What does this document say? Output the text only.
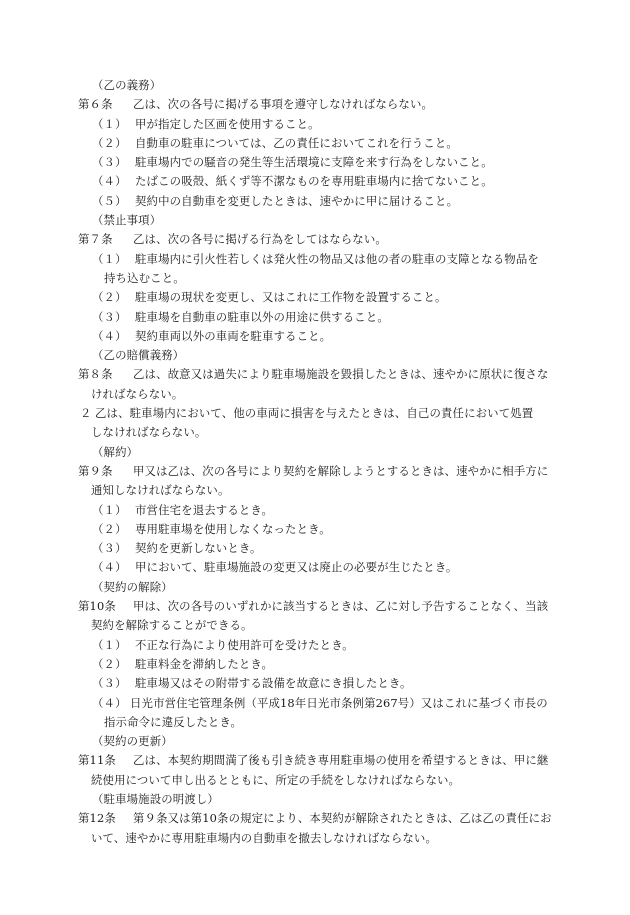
（乙の義務）
第６条 乙は、次の各号に掲げる事項を遵守しなければならない。
（１） 甲が指定した区画を使用すること。
（２） 自動車の駐車については、乙の責任においてこれを行うこと。
（３） 駐車場内での騒音の発生等生活環境に支障を来す行為をしないこと。
（４） たばこの吸殻、紙くず等不潔なものを専用駐車場内に捨てないこと。
（５） 契約中の自動車を変更したときは、速やかに甲に届けること。
（禁止事項）
第７条 乙は、次の各号に掲げる行為をしてはならない。
（１） 駐車場内に引火性若しくは発火性の物品又は他の者の駐車の支障となる物品を
持ち込むこと。
（２） 駐車場の現状を変更し、又はこれに工作物を設置すること。
（３） 駐車場を自動車の駐車以外の用途に供すること。
（４） 契約車両以外の車両を駐車すること。
（乙の賠償義務）
第８条 乙は、故意又は過失により駐車場施設を毀損したときは、速やかに原状に復さな
ければならない。
２ 乙は、駐車場内において、他の車両に損害を与えたときは、自己の責任において処置
しなければならない。
（解約）
第９条 甲又は乙は、次の各号により契約を解除しようとするときは、速やかに相手方に
通知しなければならない。
（１） 市営住宅を退去するとき。
（２） 専用駐車場を使用しなくなったとき。
（３） 契約を更新しないとき。
（４） 甲において、駐車場施設の変更又は廃止の必要が生じたとき。
（契約の解除）
第10条 甲は、次の各号のいずれかに該当するときは、乙に対し予告することなく、当該
契約を解除することができる。
（１） 不正な行為により使用許可を受けたとき。
（２） 駐車料金を滞納したとき。
（３） 駐車場又はその附帯する設備を故意にき損したとき。
（４） 日光市営住宅管理条例（平成18年日光市条例第267号）又はこれに基づく市長の
指示命令に違反したとき。
（契約の更新）
第11条 乙は、本契約期間満了後も引き続き専用駐車場の使用を希望するときは、甲に継
続使用について申し出るとともに、所定の手続をしなければならない。
（駐車場施設の明渡し）
第12条 第９条又は第10条の規定により、本契約が解除されたときは、乙は乙の責任にお
いて、速やかに専用駐車場内の自動車を撤去しなければならない。
